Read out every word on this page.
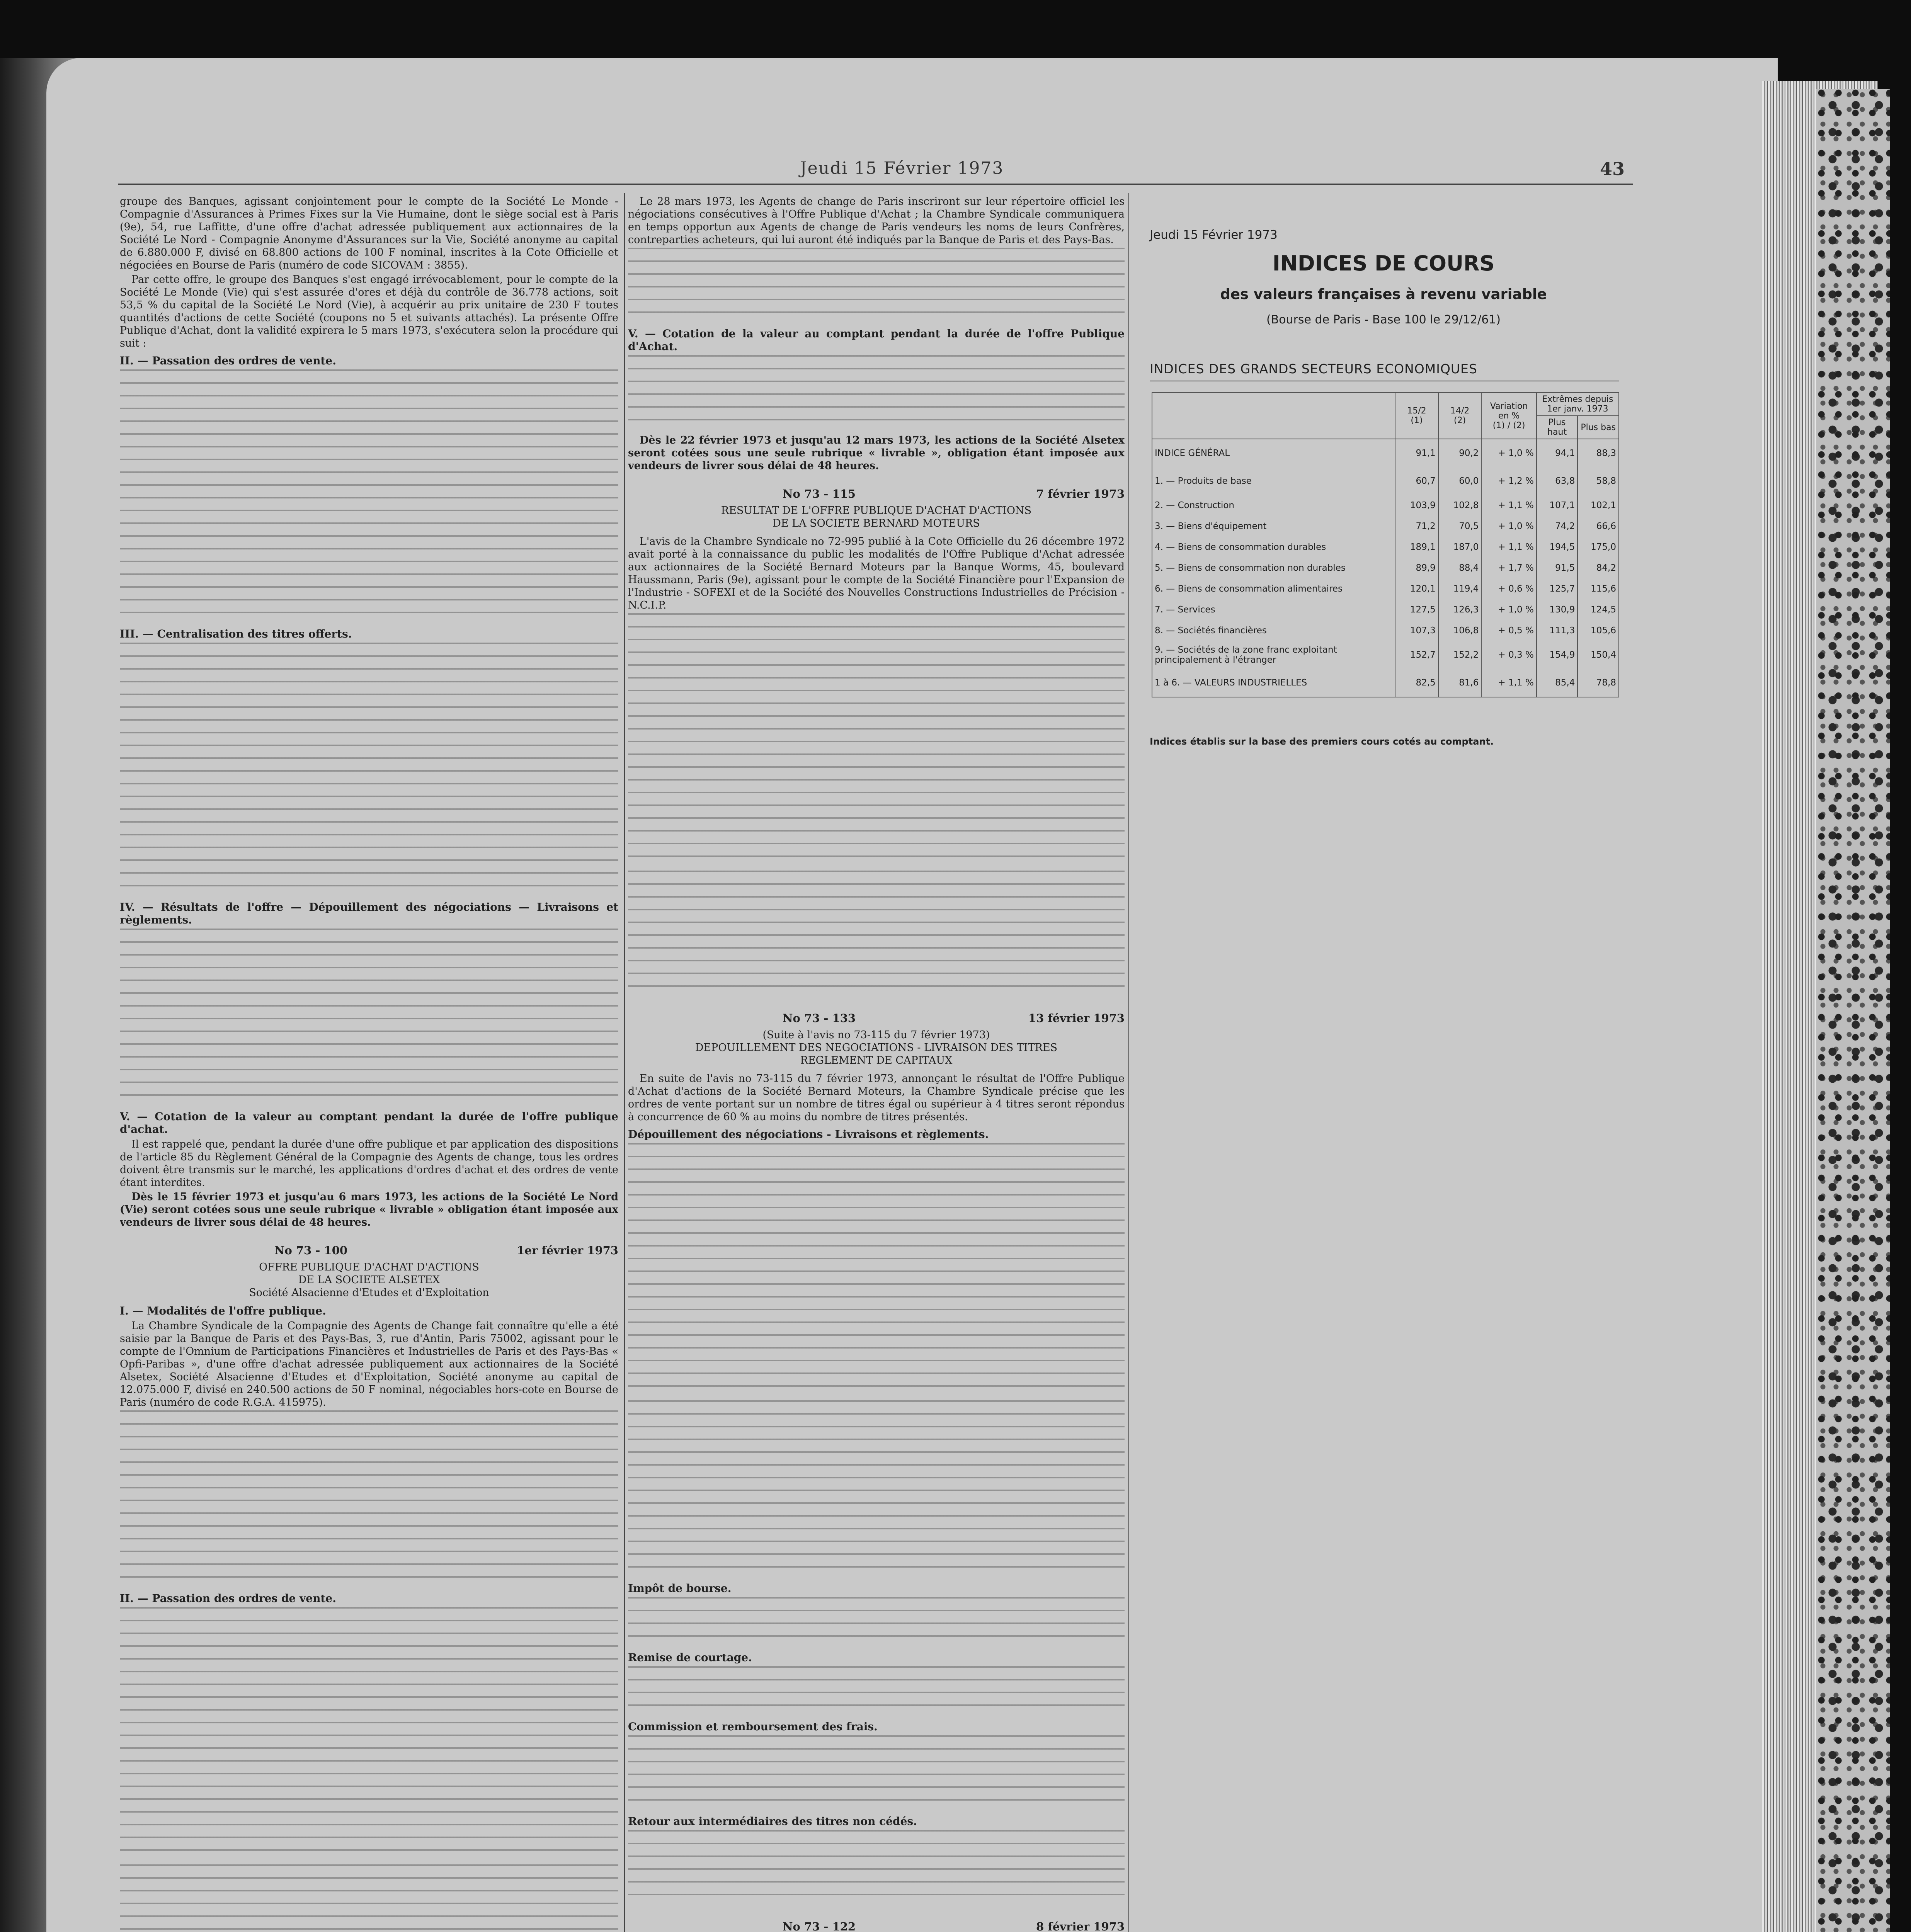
Jeudi 15 Février 1973	43

groupe des Banques, agissant conjointement pour le compte de la Société Le Monde - Compagnie d'Assurances à Primes Fixes sur la Vie Humaine, dont le siège social est à Paris (9e), 54, rue Laffitte, d'une offre d'achat adressée publiquement aux actionnaires de la Société Le Nord - Compagnie Anonyme d'Assurances sur la Vie, Société anonyme au capital de 6.880.000 F, divisé en 68.800 actions de 100 F nominal, inscrites à la Cote Officielle et négociées en Bourse de Paris (numéro de code SICOVAM : 3855).

Par cette offre, le groupe des Banques s'est engagé irrévocablement, pour le compte de la Société Le Monde (Vie) qui s'est assurée d'ores et déjà du contrôle de 36.778 actions, soit 53,5 % du capital de la Société Le Nord (Vie), à acquérir au prix unitaire de 230 F toutes quantités d'actions de cette Société (coupons no 5 et suivants attachés). La présente Offre Publique d'Achat, dont la validité expirera le 5 mars 1973, s'exécutera selon la procédure qui suit :

II. — Passation des ordres de vente.
III. — Centralisation des titres offerts.
IV. — Résultats de l'offre — Dépouillement des négociations — Livraisons et règlements.
V. — Cotation de la valeur au comptant pendant la durée de l'offre publique d'achat.

Il est rappelé que, pendant la durée d'une offre publique et par application des dispositions de l'article 85 du Règlement Général de la Compagnie des Agents de change, tous les ordres doivent être transmis sur le marché, les applications d'ordres d'achat et des ordres de vente étant interdites.

Dès le 15 février 1973 et jusqu'au 6 mars 1973, les actions de la Société Le Nord (Vie) seront cotées sous une seule rubrique « livrable » obligation étant imposée aux vendeurs de livrer sous délai de 48 heures.

No 73 - 100	1er février 1973

OFFRE PUBLIQUE D'ACHAT D'ACTIONS

DE LA SOCIETE ALSETEX

Société Alsacienne d'Etudes et d'Exploitation

I. — Modalités de l'offre publique.

La Chambre Syndicale de la Compagnie des Agents de Change fait connaître qu'elle a été saisie par la Banque de Paris et des Pays-Bas, 3, rue d'Antin, Paris 75002, agissant pour le compte de l'Omnium de Participations Financières et Industrielles de Paris et des Pays-Bas « Opfi-Paribas », d'une offre d'achat adressée publiquement aux actionnaires de la Société Alsetex, Société Alsacienne d'Etudes et d'Exploitation, Société anonyme au capital de 12.075.000 F, divisé en 240.500 actions de 50 F nominal, négociables hors-cote en Bourse de Paris (numéro de code R.G.A. 415975).

II. — Passation des ordres de vente.

Le 28 mars 1973, les Agents de change de Paris inscriront sur leur répertoire officiel les négociations consécutives à l'Offre Publique d'Achat ; la Chambre Syndicale communiquera en temps opportun aux Agents de change de Paris vendeurs les noms de leurs Confrères, contreparties acheteurs, qui lui auront été indiqués par la Banque de Paris et des Pays-Bas.

V. — Cotation de la valeur au comptant pendant la durée de l'offre Publique d'Achat.

Dès le 22 février 1973 et jusqu'au 12 mars 1973, les actions de la Société Alsetex seront cotées sous une seule rubrique « livrable », obligation étant imposée aux vendeurs de livrer sous délai de 48 heures.

No 73 - 115	7 février 1973

RESULTAT DE L'OFFRE PUBLIQUE D'ACHAT D'ACTIONS

DE LA SOCIETE BERNARD MOTEURS

L'avis de la Chambre Syndicale no 72-995 publié à la Cote Officielle du 26 décembre 1972 avait porté à la connaissance du public les modalités de l'Offre Publique d'Achat adressée aux actionnaires de la Société Bernard Moteurs par la Banque Worms, 45, boulevard Haussmann, Paris (9e), agissant pour le compte de la Société Financière pour l'Expansion de l'Industrie - SOFEXI et de la Société des Nouvelles Constructions Industrielles de Précision - N.C.I.P.

No 73 - 133	13 février 1973

(Suite à l'avis no 73-115 du 7 février 1973)

DEPOUILLEMENT DES NEGOCIATIONS - LIVRAISON DES TITRES

REGLEMENT DE CAPITAUX

En suite de l'avis no 73-115 du 7 février 1973, annonçant le résultat de l'Offre Publique d'Achat d'actions de la Société Bernard Moteurs, la Chambre Syndicale précise que les ordres de vente portant sur un nombre de titres égal ou supérieur à 4 titres seront répondus à concurrence de 60 % au moins du nombre de titres présentés.

Dépouillement des négociations - Livraisons et règlements.
Impôt de bourse.
Remise de courtage.
Commission et remboursement des frais.
Retour aux intermédiaires des titres non cédés.
No 73 - 122	8 février 1973

Jeudi 15 Février 1973
INDICES DE COURS
des valeurs françaises à revenu variable
(Bourse de Paris - Base 100 le 29/12/61)
INDICES DES GRANDS SECTEURS ECONOMIQUES
	15/2
(1)	14/2
(2)	Variation en %
(1) / (2)	Extrêmes depuis 1er janv. 1973	
				Plus haut	Plus bas
INDICE GÉNÉRAL	91,1	90,2	+ 1,0 %	94,1	88,3
1. — Produits de base	60,7	60,0	+ 1,2 %	63,8	58,8
2. — Construction	103,9	102,8	+ 1,1 %	107,1	102,1
3. — Biens d'équipement	71,2	70,5	+ 1,0 %	74,2	66,6
4. — Biens de consommation durables	189,1	187,0	+ 1,1 %	194,5	175,0
5. — Biens de consommation non durables	89,9	88,4	+ 1,7 %	91,5	84,2
6. — Biens de consommation alimentaires	120,1	119,4	+ 0,6 %	125,7	115,6
7. — Services	127,5	126,3	+ 1,0 %	130,9	124,5
8. — Sociétés financières	107,3	106,8	+ 0,5 %	111,3	105,6
9. — Sociétés de la zone franc exploitant principalement à l'étranger	152,7	152,2	+ 0,3 %	154,9	150,4
1 à 6. — VALEURS INDUSTRIELLES	82,5	81,6	+ 1,1 %	85,4	78,8
Indices établis sur la base des premiers cours cotés au comptant.
